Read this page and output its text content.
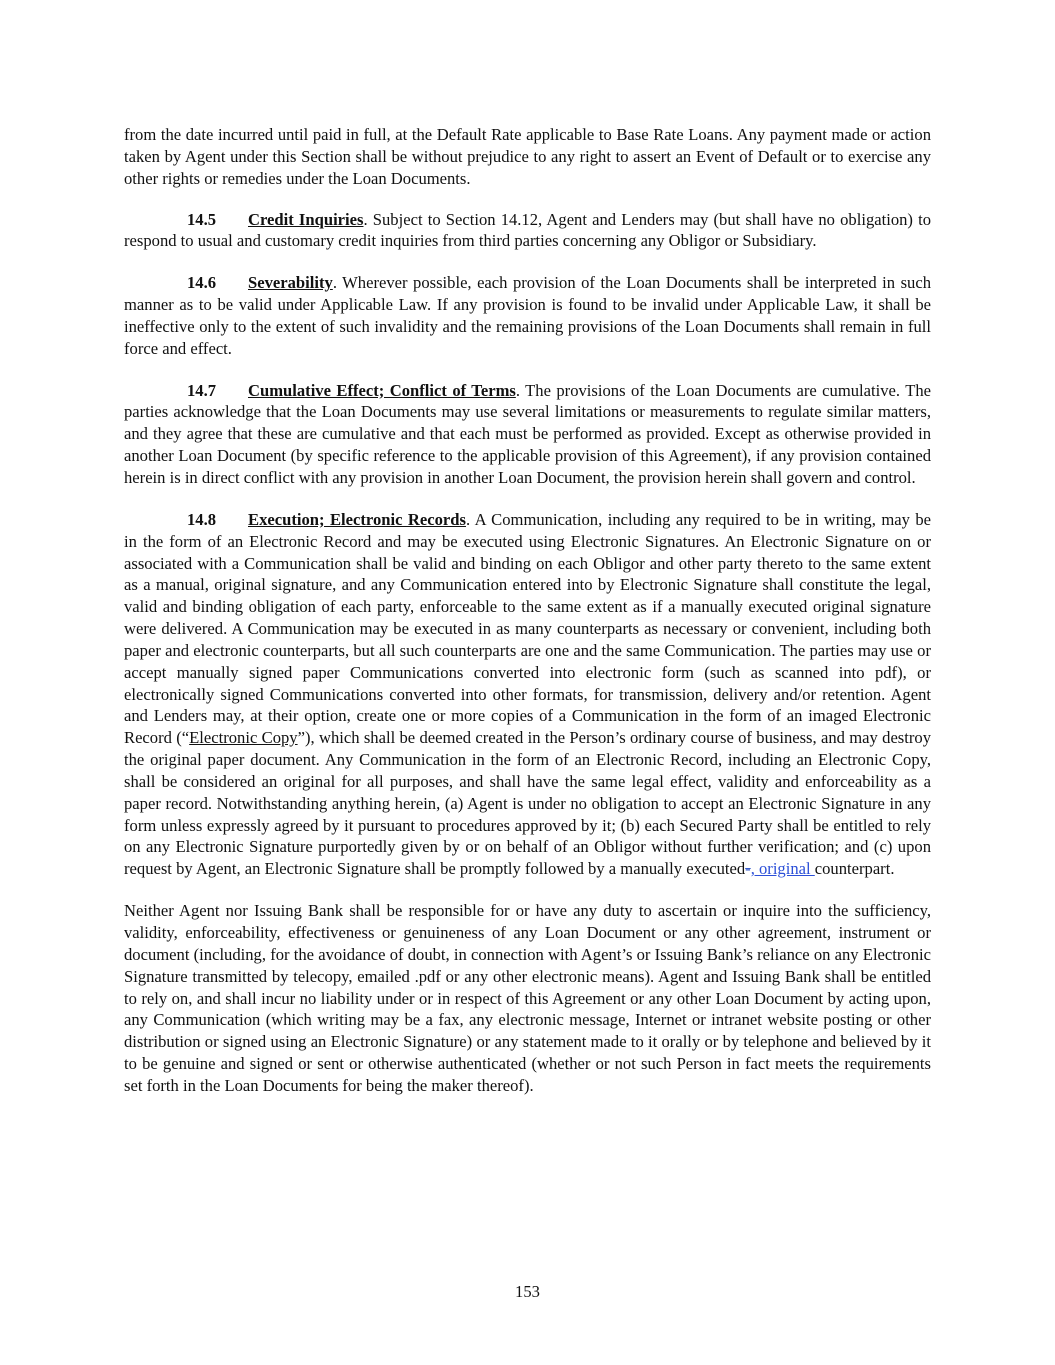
from the date incurred until paid in full, at the Default Rate applicable to Base Rate Loans. Any payment made or action taken by Agent under this Section shall be without prejudice to any right to assert an Event of Default or to exercise any other rights or remedies under the Loan Documents.

14.5 Credit Inquiries. Subject to Section 14.12, Agent and Lenders may (but shall have no obligation) to respond to usual and customary credit inquiries from third parties concerning any Obligor or Subsidiary.

14.6 Severability. Wherever possible, each provision of the Loan Documents shall be interpreted in such manner as to be valid under Applicable Law. If any provision is found to be invalid under Applicable Law, it shall be ineffective only to the extent of such invalidity and the remaining provisions of the Loan Documents shall remain in full force and effect.

14.7 Cumulative Effect; Conflict of Terms. The provisions of the Loan Documents are cumulative. The parties acknowledge that the Loan Documents may use several limitations or measurements to regulate similar matters, and they agree that these are cumulative and that each must be performed as provided. Except as otherwise provided in another Loan Document (by specific reference to the applicable provision of this Agreement), if any provision contained herein is in direct conflict with any provision in another Loan Document, the provision herein shall govern and control.

14.8 Execution; Electronic Records. A Communication, including any required to be in writing, may be in the form of an Electronic Record and may be executed using Electronic Signatures. An Electronic Signature on or associated with a Communication shall be valid and binding on each Obligor and other party thereto to the same extent as a manual, original signature, and any Communication entered into by Electronic Signature shall constitute the legal, valid and binding obligation of each party, enforceable to the same extent as if a manually executed original signature were delivered. A Communication may be executed in as many counterparts as necessary or convenient, including both paper and electronic counterparts, but all such counterparts are one and the same Communication. The parties may use or accept manually signed paper Communications converted into electronic form (such as scanned into pdf), or electronically signed Communications converted into other formats, for transmission, delivery and/or retention. Agent and Lenders may, at their option, create one or more copies of a Communication in the form of an imaged Electronic Record (“Electronic Copy”), which shall be deemed created in the Person’s ordinary course of business, and may destroy the original paper document. Any Communication in the form of an Electronic Record, including an Electronic Copy, shall be considered an original for all purposes, and shall have the same legal effect, validity and enforceability as a paper record. Notwithstanding anything herein, (a) Agent is under no obligation to accept an Electronic Signature in any form unless expressly agreed by it pursuant to procedures approved by it; (b) each Secured Party shall be entitled to rely on any Electronic Signature purportedly given by or on behalf of an Obligor without further verification; and (c) upon request by Agent, an Electronic Signature shall be promptly followed by a manually executed-, original counterpart.

Neither Agent nor Issuing Bank shall be responsible for or have any duty to ascertain or inquire into the sufficiency, validity, enforceability, effectiveness or genuineness of any Loan Document or any other agreement, instrument or document (including, for the avoidance of doubt, in connection with Agent’s or Issuing Bank’s reliance on any Electronic Signature transmitted by telecopy, emailed .pdf or any other electronic means). Agent and Issuing Bank shall be entitled to rely on, and shall incur no liability under or in respect of this Agreement or any other Loan Document by acting upon, any Communication (which writing may be a fax, any electronic message, Internet or intranet website posting or other distribution or signed using an Electronic Signature) or any statement made to it orally or by telephone and believed by it to be genuine and signed or sent or otherwise authenticated (whether or not such Person in fact meets the requirements set forth in the Loan Documents for being the maker thereof).

153
